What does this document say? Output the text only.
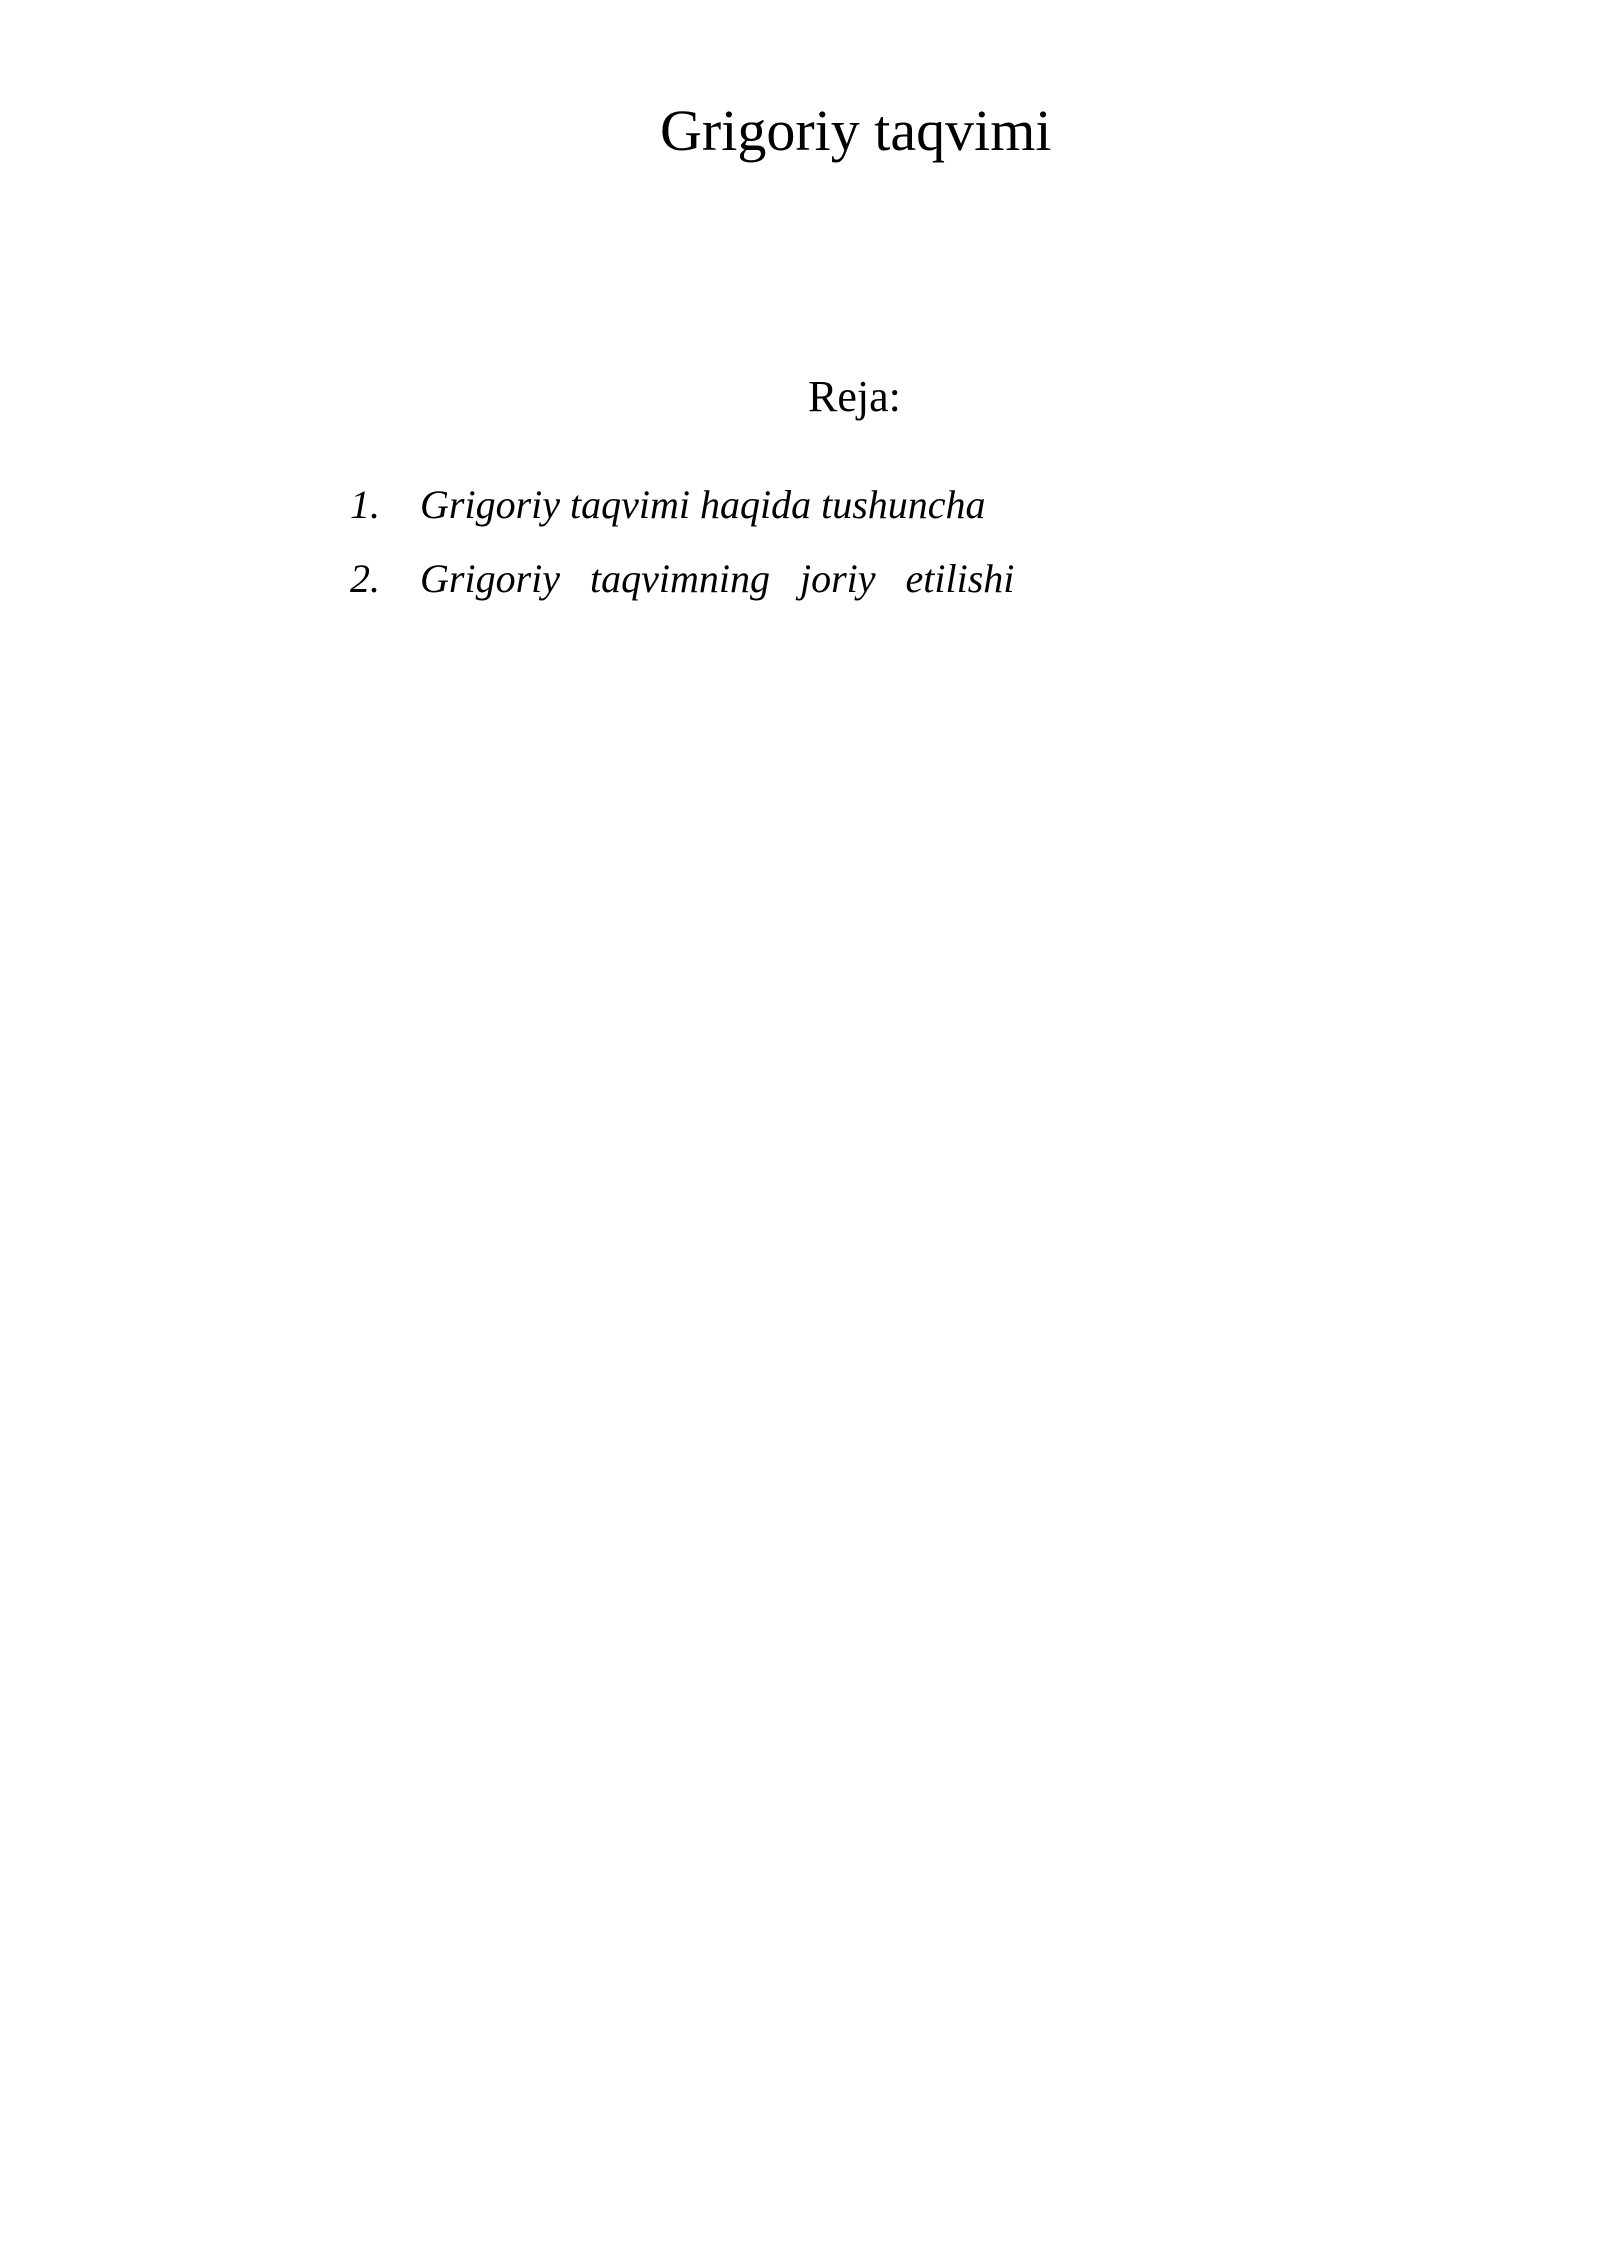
Grigoriy taqvimi
Reja:
1.	Grigoriy taqvimi haqida tushuncha
2.	Grigoriy taqvimning joriy etilishi
